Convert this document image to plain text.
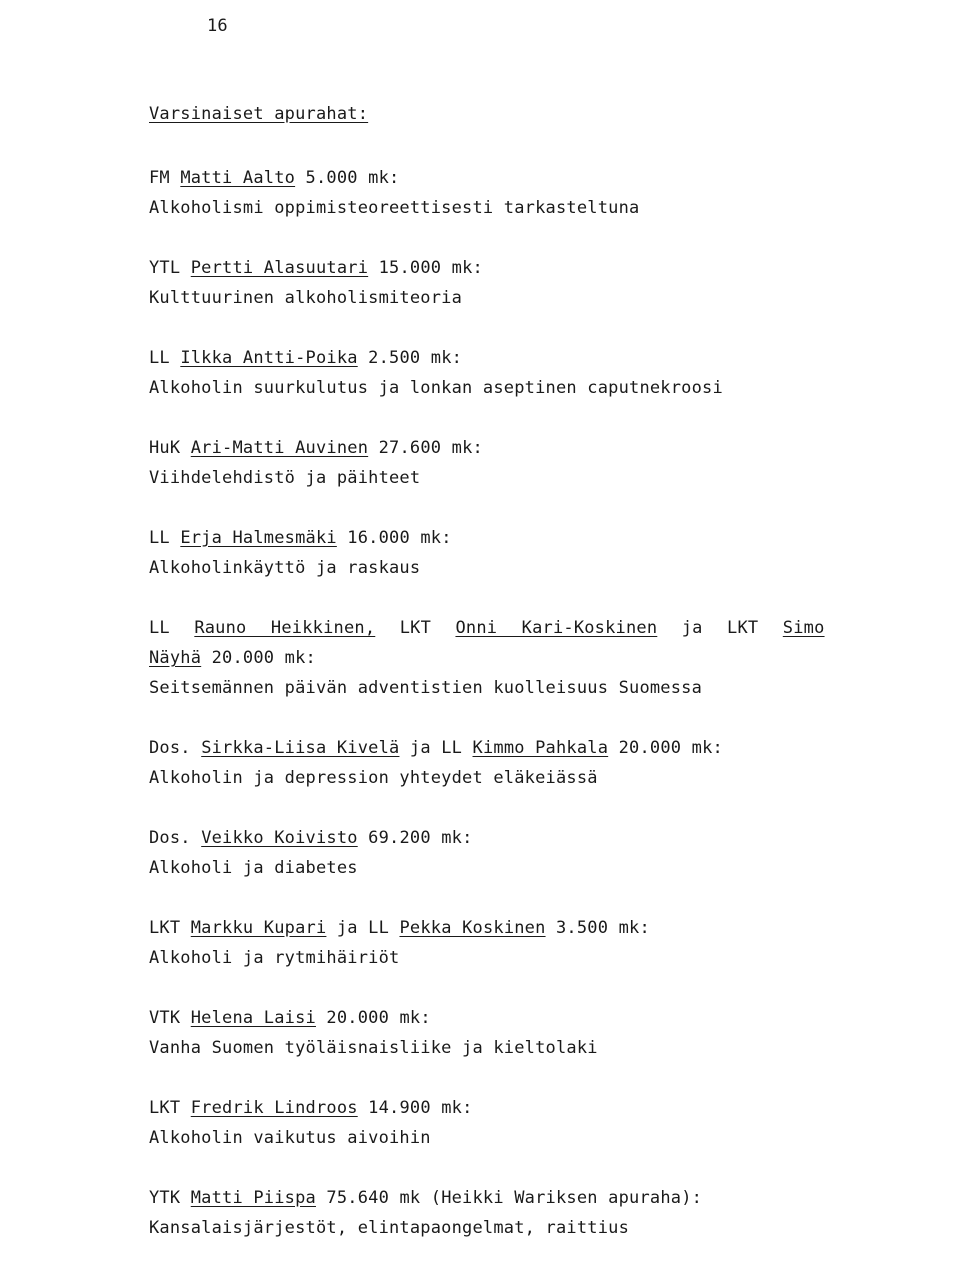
16
Varsinaiset apurahat:
FM Matti Aalto 5.000 mk:
Alkoholismi oppimisteoreettisesti tarkasteltuna
YTL Pertti Alasuutari 15.000 mk:
Kulttuurinen alkoholismiteoria
LL Ilkka Antti-Poika 2.500 mk:
Alkoholin suurkulutus ja lonkan aseptinen caputnekroosi
HuK Ari-Matti Auvinen 27.600 mk:
Viihdelehdistö ja päihteet
LL Erja Halmesmäki 16.000 mk:
Alkoholinkäyttö ja raskaus
LL Rauno Heikkinen, LKT Onni Kari-Koskinen ja LKT Simo
Näyhä 20.000 mk:
Seitsemännen päivän adventistien kuolleisuus Suomessa
Dos. Sirkka-Liisa Kivelä ja LL Kimmo Pahkala 20.000 mk:
Alkoholin ja depression yhteydet eläkeiässä
Dos. Veikko Koivisto 69.200 mk:
Alkoholi ja diabetes
LKT Markku Kupari ja LL Pekka Koskinen 3.500 mk:
Alkoholi ja rytmihäiriöt
VTK Helena Laisi 20.000 mk:
Vanha Suomen työläisnaisliike ja kieltolaki
LKT Fredrik Lindroos 14.900 mk:
Alkoholin vaikutus aivoihin
YTK Matti Piispa 75.640 mk (Heikki Wariksen apuraha):
Kansalaisjärjestöt, elintapaongelmat, raittius
